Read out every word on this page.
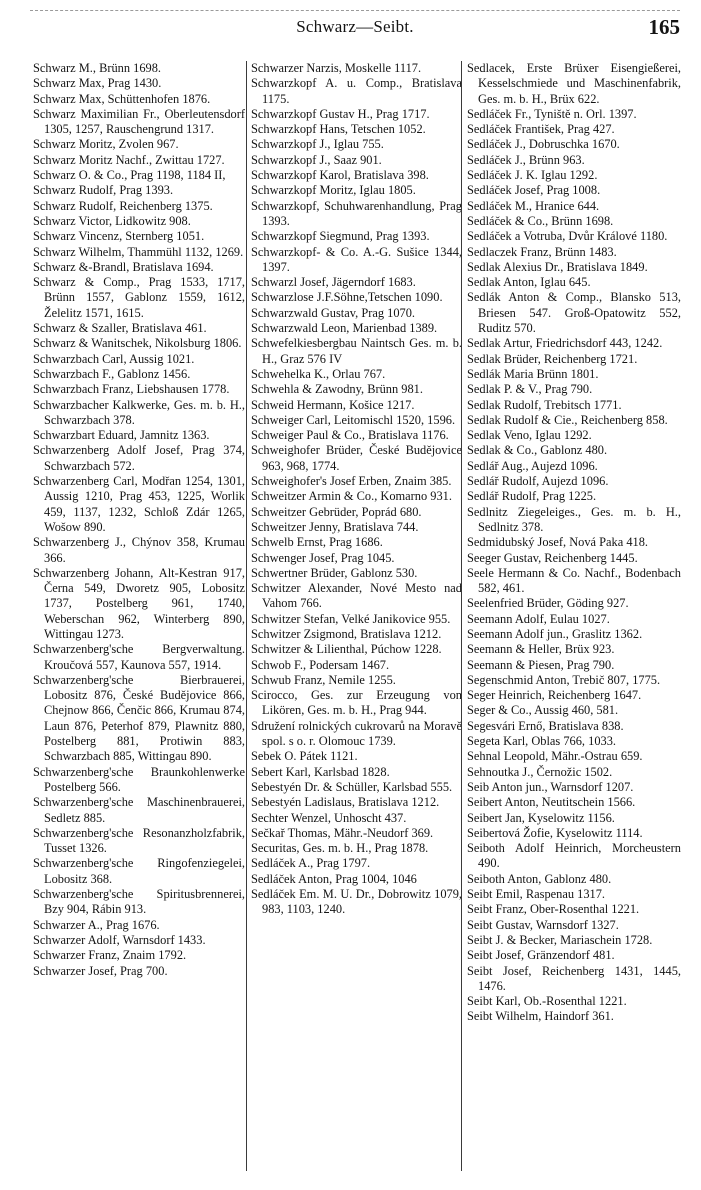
Schwarz—Seibt.	165

Schwarz M., Brünn 1698.

Schwarz Max, Prag 1430.

Schwarz Max, Schüttenhofen 1876.

Schwarz Maximilian Fr., Oberleutensdorf 1305, 1257, Rauschengrund 1317.

Schwarz Moritz, Zvolen 967.

Schwarz Moritz Nachf., Zwittau 1727.

Schwarz O. & Co., Prag 1198, 1184 II,

Schwarz Rudolf, Prag 1393.

Schwarz Rudolf, Reichenberg 1375.

Schwarz Victor, Lidkowitz 908.

Schwarz Vincenz, Sternberg 1051.

Schwarz Wilhelm, Thammühl 1132, 1269.

Schwarz &-Brandl, Bratislava 1694.

Schwarz & Comp., Prag 1533, 1717, Brünn 1557, Gablonz 1559, 1612, Želelitz 1571, 1615.

Schwarz & Szaller, Bratislava 461.

Schwarz & Wanitschek, Nikolsburg 1806.

Schwarzbach Carl, Aussig 1021.

Schwarzbach F., Gablonz 1456.

Schwarzbach Franz, Liebshausen 1778.

Schwarzbacher Kalkwerke, Ges. m. b. H., Schwarzbach 378.

Schwarzbart Eduard, Jamnitz 1363.

Schwarzenberg Adolf Josef, Prag 374, Schwarzbach 572.

Schwarzenberg Carl, Modřan 1254, 1301, Aussig 1210, Prag 453, 1225, Worlik 459, 1137, 1232, Schloß Zdár 1265, Wošow 890.

Schwarzenberg J., Chýnov 358, Krumau 366.

Schwarzenberg Johann, Alt-Kestran 917, Černa 549, Dworetz 905, Lobositz 1737, Postelberg 961, 1740, Weberschan 962, Winterberg 890, Wittingau 1273.

Schwarzenberg'sche Bergverwaltung. Kroučová 557, Kaunova 557, 1914.

Schwarzenberg'sche Bierbrauerei, Lobositz 876, České Budějovice 866, Chejnow 866, Čenčic 866, Krumau 874, Laun 876, Peterhof 879, Plawnitz 880, Postelberg 881, Protiwin 883, Schwarzbach 885, Wittingau 890.

Schwarzenberg'sche Braunkohlenwerke Postelberg 566.

Schwarzenberg'sche Maschinenbrauerei, Sedletz 885.

Schwarzenberg'sche Resonanzholzfabrik, Tusset 1326.

Schwarzenberg'sche Ringofenziegelei, Lobositz 368.

Schwarzenberg'sche Spiritusbrennerei, Bzy 904, Rábin 913.

Schwarzer A., Prag 1676.

Schwarzer Adolf, Warnsdorf 1433.

Schwarzer Franz, Znaim 1792.

Schwarzer Josef, Prag 700.

Schwarzer Narzis, Moskelle 1117.

Schwarzkopf A. u. Comp., Bratislava 1175.

Schwarzkopf Gustav H., Prag 1717.

Schwarzkopf Hans, Tetschen 1052.

Schwarzkopf J., Iglau 755.

Schwarzkopf J., Saaz 901.

Schwarzkopf Karol, Bratislava 398.

Schwarzkopf Moritz, Iglau 1805.

Schwarzkopf, Schuhwarenhandlung, Prag 1393.

Schwarzkopf Siegmund, Prag 1393.

Schwarzkopf- & Co. A.-G. Sušice 1344, 1397.

Schwarzl Josef, Jägerndorf 1683.

Schwarzlose J.F.Söhne,Tetschen 1090.

Schwarzwald Gustav, Prag 1070.

Schwarzwald Leon, Marienbad 1389.

Schwefelkiesbergbau Naintsch Ges. m. b. H., Graz 576 IV

Schwehelka K., Orlau 767.

Schwehla & Zawodny, Brünn 981.

Schweid Hermann, Košice 1217.

Schweiger Carl, Leitomischl 1520, 1596.

Schweiger Paul & Co., Bratislava 1176.

Schweighofer Brüder, České Budějovice 963, 968, 1774.

Schweighofer's Josef Erben, Znaim 385.

Schweitzer Armin & Co., Komarno 931.

Schweitzer Gebrüder, Poprád 680.

Schweitzer Jenny, Bratislava 744.

Schwelb Ernst, Prag 1686.

Schwenger Josef, Prag 1045.

Schwertner Brüder, Gablonz 530.

Schwitzer Alexander, Nové Mesto nad Vahom 766.

Schwitzer Stefan, Velké Janikovice 955.

Schwitzer Zsigmond, Bratislava 1212.

Schwitzer & Lilienthal, Púchow 1228.

Schwob F., Podersam 1467.

Schwub Franz, Nemile 1255.

Scirocco, Ges. zur Erzeugung von Likören, Ges. m. b. H., Prag 944.

Sdružení rolnických cukrovarů na Moravě spol. s o. r. Olomouc 1739.

Sebek O. Pátek 1121.

Sebert Karl, Karlsbad 1828.

Sebestyén Dr. & Schüller, Karlsbad 555.

Sebestyén Ladislaus, Bratislava 1212.

Sechter Wenzel, Unhoscht 437.

Sečkař Thomas, Mähr.-Neudorf 369.

Securitas, Ges. m. b. H., Prag 1878.

Sedláček A., Prag 1797.

Sedláček Anton, Prag 1004, 1046

Sedláček Em. M. U. Dr., Dobrowitz 1079, 983, 1103, 1240.

Sedlacek, Erste Brüxer Eisengießerei, Kesselschmiede und Maschinenfabrik, Ges. m. b. H., Brüx 622.

Sedláček Fr., Tyniště n. Orl. 1397.

Sedláček František, Prag 427.

Sedláček J., Dobruschka 1670.

Sedláček J., Brünn 963.

Sedláček J. K. Iglau 1292.

Sedláček Josef, Prag 1008.

Sedláček M., Hranice 644.

Sedláček & Co., Brünn 1698.

Sedláček a Votruba, Dvůr Králové 1180.

Sedlaczek Franz, Brünn 1483.

Sedlak Alexius Dr., Bratislava 1849.

Sedlak Anton, Iglau 645.

Sedlák Anton & Comp., Blansko 513, Briesen 547. Groß-Opatowitz 552, Ruditz 570.

Sedlak Artur, Friedrichsdorf 443, 1242.

Sedlak Brüder, Reichenberg 1721.

Sedlák Maria Brünn 1801.

Sedlak P. & V., Prag 790.

Sedlak Rudolf, Trebitsch 1771.

Sedlak Rudolf & Cie., Reichenberg 858.

Sedlak Veno, Iglau 1292.

Sedlak & Co., Gablonz 480.

Sedlář Aug., Aujezd 1096.

Sedlář Rudolf, Aujezd 1096.

Sedlář Rudolf, Prag 1225.

Sedlnitz Ziegeleiges., Ges. m. b. H., Sedlnitz 378.

Sedmidubský Josef, Nová Paka 418.

Seeger Gustav, Reichenberg 1445.

Seele Hermann & Co. Nachf., Bodenbach 582, 461.

Seelenfried Brüder, Göding 927.

Seemann Adolf, Eulau 1027.

Seemann Adolf jun., Graslitz 1362.

Seemann & Heller, Brüx 923.

Seemann & Piesen, Prag 790.

Segenschmid Anton, Trebič 807, 1775.

Seger Heinrich, Reichenberg 1647.

Seger & Co., Aussig 460, 581.

Segesvári Ernő, Bratislava 838.

Segeta Karl, Oblas 766, 1033.

Sehnal Leopold, Mähr.-Ostrau 659.

Sehnoutka J., Černožic 1502.

Seib Anton jun., Warnsdorf 1207.

Seibert Anton, Neutitschein 1566.

Seibert Jan, Kyselowitz 1156.

Seibertová Žofie, Kyselowitz 1114.

Seiboth Adolf Heinrich, Morcheustern 490.

Seiboth Anton, Gablonz 480.

Seibt Emil, Raspenau 1317.

Seibt Franz, Ober-Rosenthal 1221.

Seibt Gustav, Warnsdorf 1327.

Seibt J. & Becker, Mariaschein 1728.

Seibt Josef, Gränzendorf 481.

Seibt Josef, Reichenberg 1431, 1445, 1476.

Seibt Karl, Ob.-Rosenthal 1221.

Seibt Wilhelm, Haindorf 361.
